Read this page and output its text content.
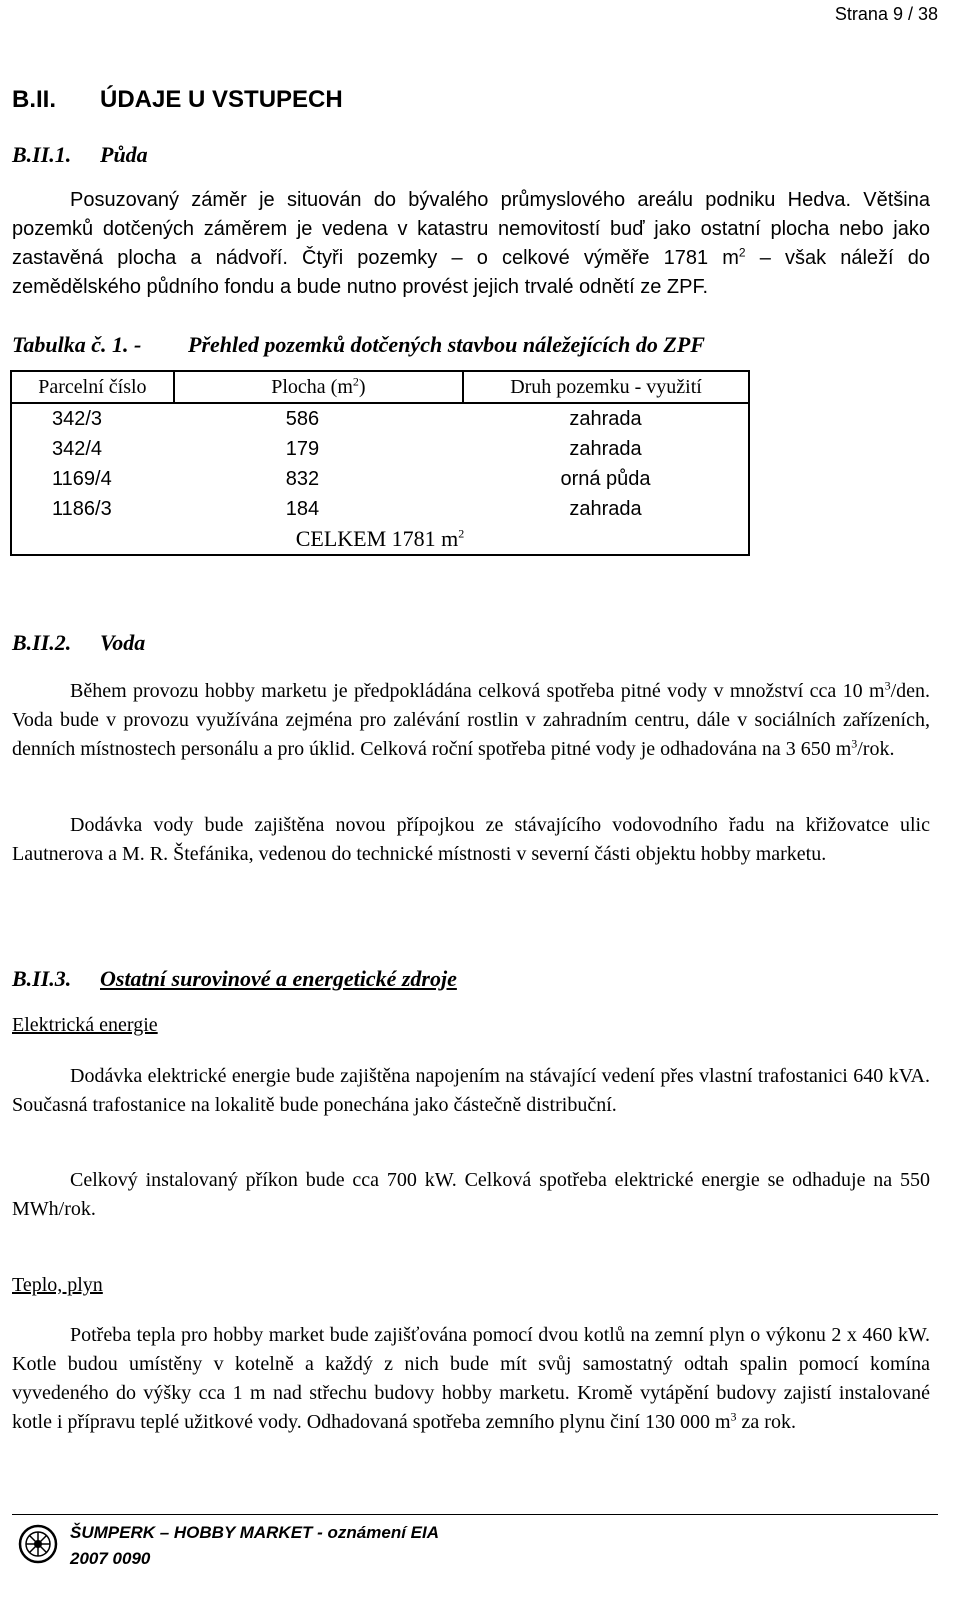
Strana 9 / 38
B.II. ÚDAJE U VSTUPECH
B.II.1. Půda

Posuzovaný záměr je situován do bývalého průmyslového areálu podniku Hedva. Většina pozemků dotčených záměrem je vedena v katastru nemovitostí buď jako ostatní plocha nebo jako zastavěná plocha a nádvoří. Čtyři pozemky – o celkové výměře 1781 $m^2$ – však náleží do zemědělského půdního fondu a bude nutno provést jejich trvalé odnětí ze ZPF.

Tabulka č. 1. - Přehled pozemků dotčených stavbou náležejících do ZPF
Parcelní číslo	Plocha $(m^2)$	Druh pozemku - využití
342/3	586	zahrada
342/4	179	zahrada
1169/4	832	orná půda
1186/3	184	zahrada
CELKEM 1781 $m^2$
B.II.2. Voda

Během provozu hobby marketu je předpokládána celková spotřeba pitné vody v množství cca 10 $m^3$/den. Voda bude v provozu využívána zejména pro zalévání rostlin v zahradním centru, dále v sociálních zařízeních, denních místnostech personálu a pro úklid. Celková roční spotřeba pitné vody je odhadována na 3 650 $m^3$/rok.

Dodávka vody bude zajištěna novou přípojkou ze stávajícího vodovodního řadu na křižovatce ulic Lautnerova a M. R. Štefánika, vedenou do technické místnosti v severní části objektu hobby marketu.

B.II.3. Ostatní surovinové a energetické zdroje
Elektrická energie

Dodávka elektrické energie bude zajištěna napojením na stávající vedení přes vlastní trafostanici 640 kVA. Současná trafostanice na lokalitě bude ponechána jako částečně distribuční.

Celkový instalovaný příkon bude cca 700 kW. Celková spotřeba elektrické energie se odhaduje na 550 MWh/rok.

Teplo, plyn

Potřeba tepla pro hobby market bude zajišťována pomocí dvou kotlů na zemní plyn o výkonu 2 x 460 kW. Kotle budou umístěny v kotelně a každý z nich bude mít svůj samostatný odtah spalin pomocí komína vyvedeného do výšky cca 1 m nad střechu budovy hobby marketu. Kromě vytápění budovy zajistí instalované kotle i přípravu teplé užitkové vody. Odhadovaná spotřeba zemního plynu činí 130 000 $m^3$ za rok.

ŠUMPERK – HOBBY MARKET - oznámení EIA
2007 0090
